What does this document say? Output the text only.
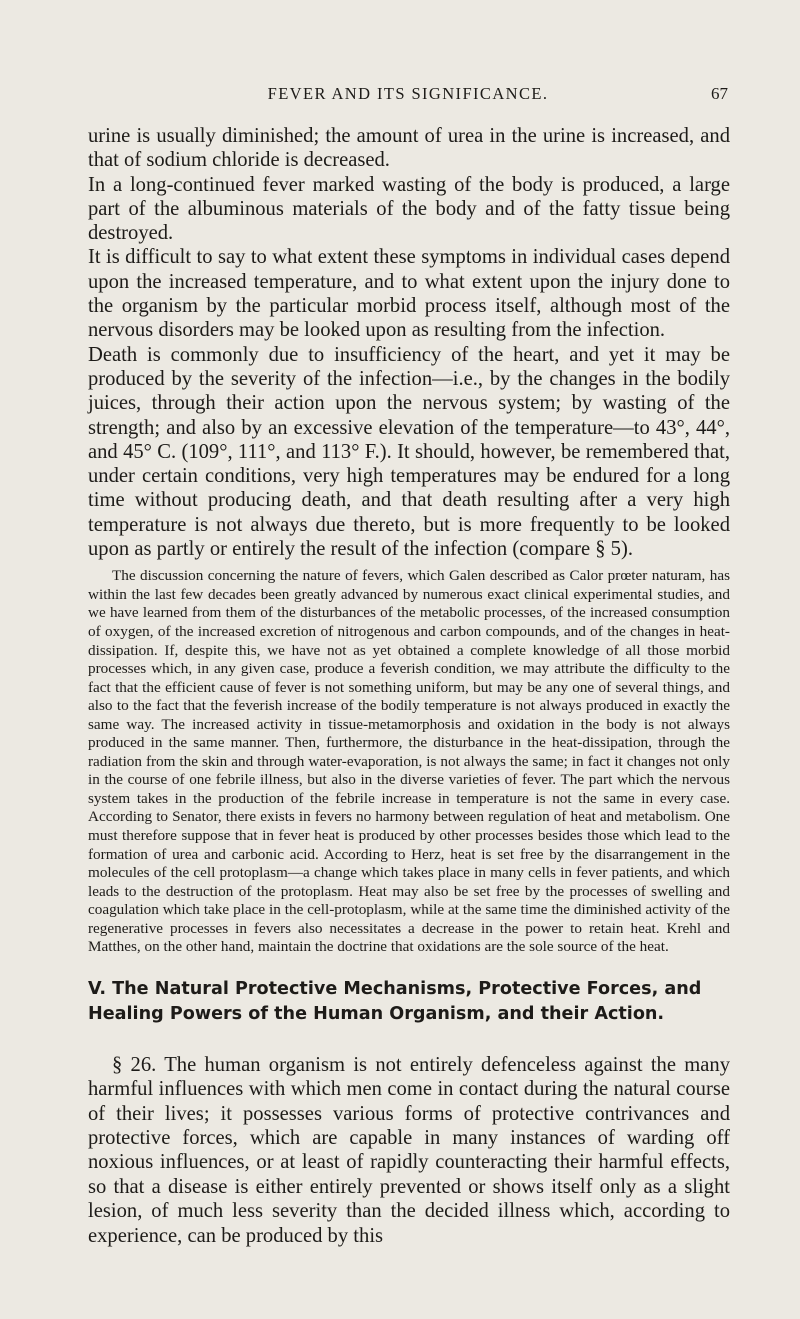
FEVER AND ITS SIGNIFICANCE.	67

urine is usually diminished; the amount of urea in the urine is increased, and that of sodium chloride is decreased.

In a long-continued fever marked wasting of the body is produced, a large part of the albuminous materials of the body and of the fatty tissue being destroyed.

It is difficult to say to what extent these symptoms in individual cases depend upon the increased temperature, and to what extent upon the injury done to the organism by the particular morbid process itself, although most of the nervous disorders may be looked upon as resulting from the infection.

Death is commonly due to insufficiency of the heart, and yet it may be produced by the severity of the infection—i.e., by the changes in the bodily juices, through their action upon the nervous system; by wasting of the strength; and also by an excessive elevation of the temperature—to 43°, 44°, and 45° C. (109°, 111°, and 113° F.). It should, however, be remembered that, under certain conditions, very high temperatures may be endured for a long time without producing death, and that death resulting after a very high temperature is not always due thereto, but is more frequently to be looked upon as partly or entirely the result of the infection (compare § 5).

The discussion concerning the nature of fevers, which Galen described as Calor prœter naturam, has within the last few decades been greatly advanced by numerous exact clinical experimental studies, and we have learned from them of the disturbances of the metabolic processes, of the increased consumption of oxygen, of the increased excretion of nitrogenous and carbon compounds, and of the changes in heat-dissipation. If, despite this, we have not as yet obtained a complete knowledge of all those morbid processes which, in any given case, produce a feverish condition, we may attribute the difficulty to the fact that the efficient cause of fever is not something uniform, but may be any one of several things, and also to the fact that the feverish increase of the bodily temperature is not always produced in exactly the same way. The increased activity in tissue-metamorphosis and oxidation in the body is not always produced in the same manner. Then, furthermore, the disturbance in the heat-dissipation, through the radiation from the skin and through water-evaporation, is not always the same; in fact it changes not only in the course of one febrile illness, but also in the diverse varieties of fever. The part which the nervous system takes in the production of the febrile increase in temperature is not the same in every case. According to Senator, there exists in fevers no harmony between regulation of heat and metabolism. One must therefore suppose that in fever heat is produced by other processes besides those which lead to the formation of urea and carbonic acid. According to Herz, heat is set free by the disarrangement in the molecules of the cell protoplasm—a change which takes place in many cells in fever patients, and which leads to the destruction of the protoplasm. Heat may also be set free by the processes of swelling and coagulation which take place in the cell-protoplasm, while at the same time the diminished activity of the regenerative processes in fevers also necessitates a decrease in the power to retain heat. Krehl and Matthes, on the other hand, maintain the doctrine that oxidations are the sole source of the heat.

V. The Natural Protective Mechanisms, Protective Forces, and Healing Powers of the Human Organism, and their Action.

§ 26. The human organism is not entirely defenceless against the many harmful influences with which men come in contact during the natural course of their lives; it possesses various forms of protective contrivances and protective forces, which are capable in many instances of warding off noxious influences, or at least of rapidly counteracting their harmful effects, so that a disease is either entirely prevented or shows itself only as a slight lesion, of much less severity than the decided illness which, according to experience, can be produced by this
